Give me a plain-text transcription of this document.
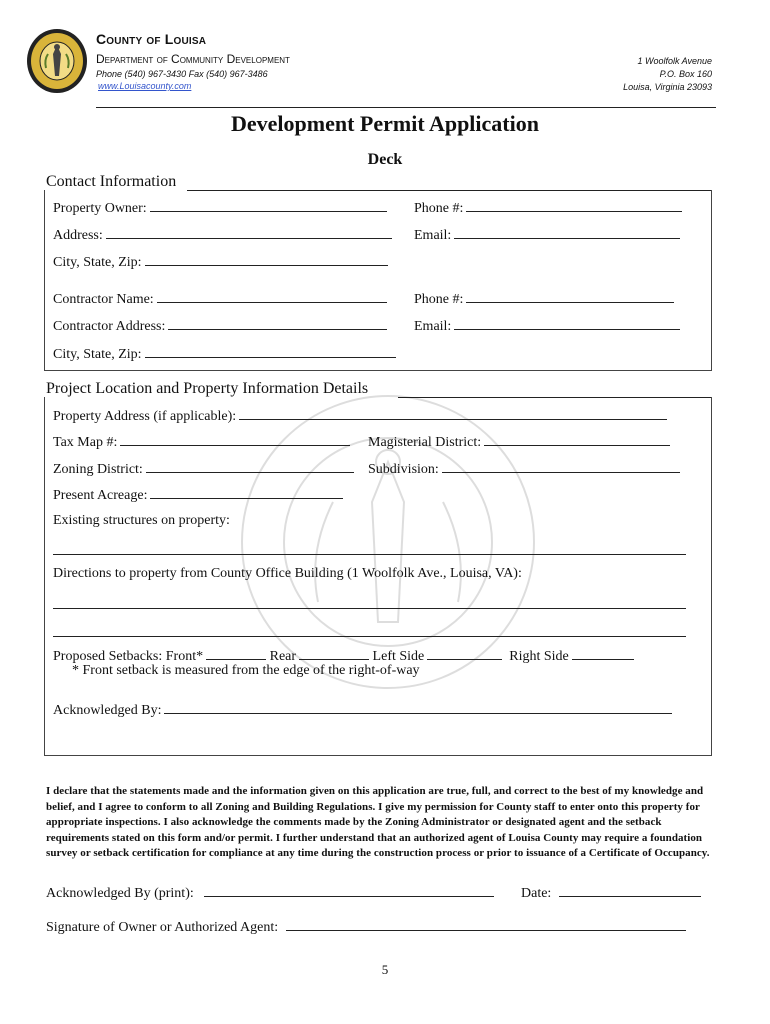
County of Louisa
Department of Community Development
Phone (540) 967-3430 Fax (540) 967-3486
www.Louisacounty.com
1 Woolfolk Avenue
P.O. Box 160
Louisa, Virginia 23093
Development Permit Application
Deck
Contact Information
Property Owner:	Phone #:
Address:	Email:
City, State, Zip:
Contractor Name:	Phone #:
Contractor Address:	Email:
City, State, Zip:
Project Location and Property Information Details
Property Address (if applicable):
Tax Map #:	Magisterial District:
Zoning District:	Subdivision:
Present Acreage:
Existing structures on property:
Directions to property from County Office Building (1 Woolfolk Ave., Louisa, VA):
Proposed Setbacks: Front*	Rear	Left Side	Right Side
* Front setback is measured from the edge of the right-of-way
Acknowledged By:
I declare that the statements made and the information given on this application are true, full, and correct to the best of my knowledge and belief, and I agree to conform to all Zoning and Building Regulations. I give my permission for County staff to enter onto this property for appropriate inspections. I also acknowledge the comments made by the Zoning Administrator or designated agent and the setback requirements stated on this form and/or permit. I further understand that an authorized agent of Louisa County may require a foundation survey or setback certification for compliance at any time during the construction process or prior to issuance of a Certificate of Occupancy.
Acknowledged By (print):	Date:
Signature of Owner or Authorized Agent:
5
